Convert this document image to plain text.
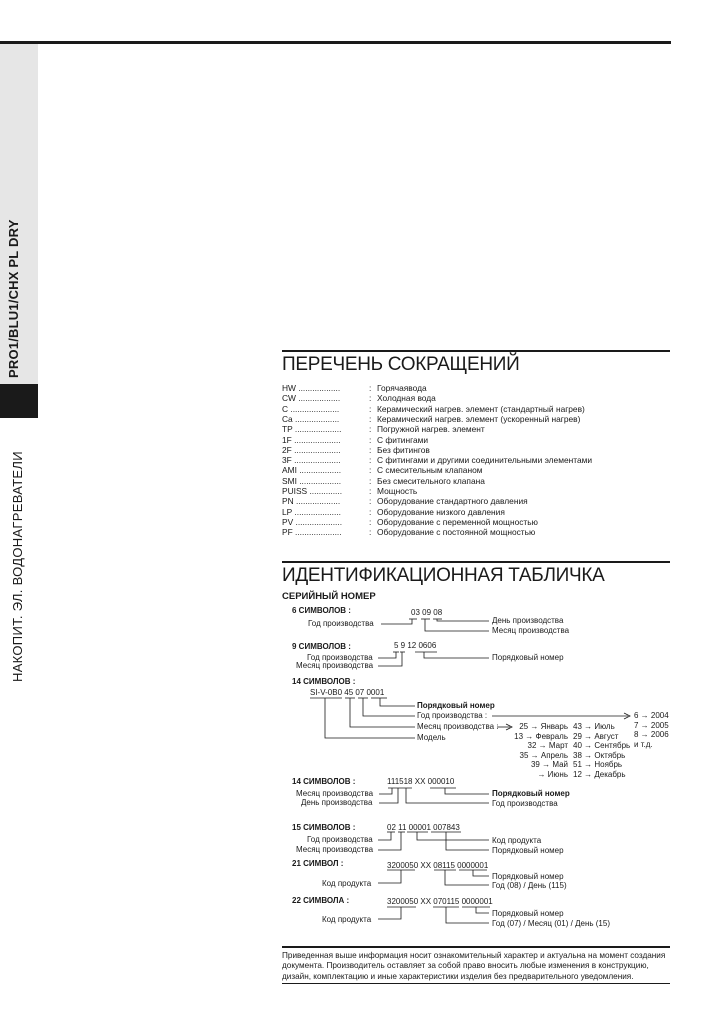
PRO1/BLU1/CHX PL DRY
НАКОПИТ. ЭЛ. ВОДОНАГРЕВАТЕЛИ
ПЕРЕЧЕНЬ СОКРАЩЕНИЙ
HW ..................	: Горячаявода
CW ..................	: Холодная вода
C .....................	: Керамический нагрев. элемент (стандартный нагрев)
Ca ...................	: Керамический нагрев. элемент (ускоренный нагрев)
TP ....................	: Погружной нагрев. элемент
1F ....................	: С фитингами
2F ....................	: Без фитингов
3F ....................	: С фитингами и другими соединительными элементами
AMI ..................	: С смесительным клапаном
SMI ..................	: Без смесительного клапана
PUISS ..............	: Мощность
PN ...................	: Оборудование стандартного давления
LP ....................	: Оборудование низкого давления
PV ....................	: Оборудование с переменной мощностью
PF ....................	: Оборудование с постоянной мощностью
ИДЕНТИФИКАЦИОННАЯ ТАБЛИЧКА
СЕРИЙНЫЙ НОМЕР
6 СИМВОЛОВ :	03 09 08
Год производства	День производства
Месяц производства
9 СИМВОЛОВ :	5 9 12 0606
Год производства
Месяц производства
Порядковый номер
14 СИМВОЛОВ :
SI-V-0B0 45 07 0001
Порядковый номер
Год производства :
Месяц производства :
Модель
25 → Январь
13 → Февраль
32 → Март
35 → Апрель
39 → Май
→ Июнь
43 → Июль
29 → Август
40 → Сентябрь
38 → Октябрь
51 → Ноябрь
12 → Декабрь
6 → 2004
7 → 2005
8 → 2006
и т.д.
14 СИМВОЛОВ :	111518 XX 000010
Месяц производства
День производства
Порядковый номер
Год производства
15 СИМВОЛОВ :	02 11 00001 007843
Год производства
Месяц производства
Код продукта
Порядковый номер
21 СИМВОЛ :	3200050 XX 08115 0000001
Код продукта
Порядковый номер
Год (08) / День (115)
22 СИМВОЛА :	3200050 XX 070115 0000001
Код продукта
Порядковый номер
Год (07) / Месяц (01) / День (15)
Приведенная выше информация носит ознакомительный характер и актуальна на момент создания документа. Производитель оставляет за собой право вносить любые изменения в конструкцию, дизайн, комплектацию и иные характеристики изделия без предварительного уведомления.
